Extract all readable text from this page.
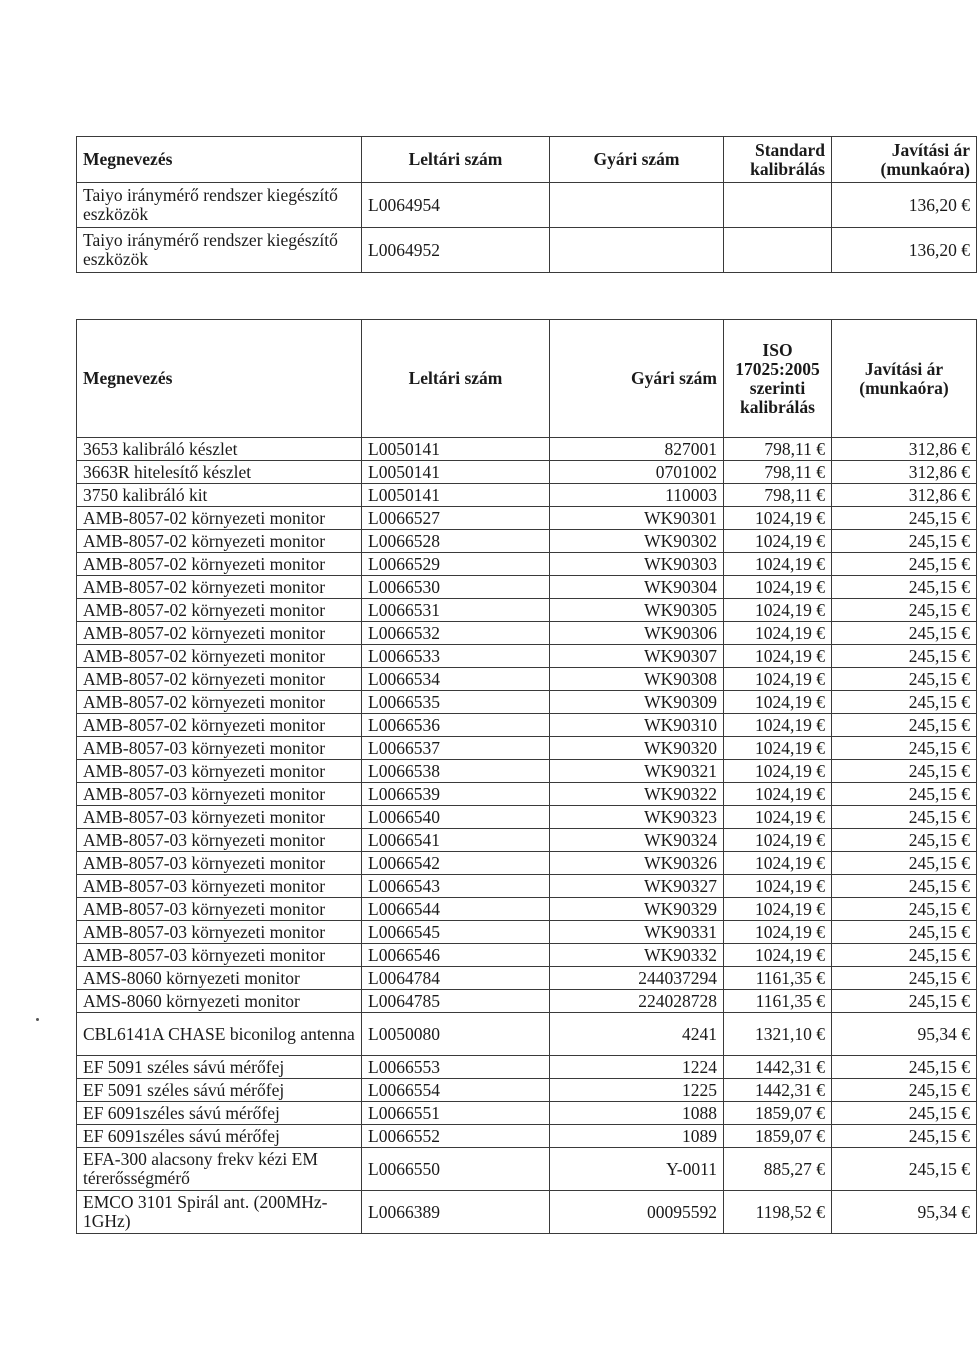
Megnevezés	Leltári szám	Gyári szám	Standard kalibrálás	Javítási ár (munkaóra)
Taiyo iránymérő rendszer kiegészítő eszközök	L0064954			136,20 €
Taiyo iránymérő rendszer kiegészítő eszközök	L0064952			136,20 €
Megnevezés	Leltári szám	Gyári szám	ISO 17025:2005 szerinti kalibrálás	Javítási ár (munkaóra)
3653 kalibráló készlet	L0050141	827001	798,11 €	312,86 €
3663R hitelesítő készlet	L0050141	0701002	798,11 €	312,86 €
3750 kalibráló kit	L0050141	110003	798,11 €	312,86 €
AMB-8057-02 környezeti monitor	L0066527	WK90301	1024,19 €	245,15 €
AMB-8057-02 környezeti monitor	L0066528	WK90302	1024,19 €	245,15 €
AMB-8057-02 környezeti monitor	L0066529	WK90303	1024,19 €	245,15 €
AMB-8057-02 környezeti monitor	L0066530	WK90304	1024,19 €	245,15 €
AMB-8057-02 környezeti monitor	L0066531	WK90305	1024,19 €	245,15 €
AMB-8057-02 környezeti monitor	L0066532	WK90306	1024,19 €	245,15 €
AMB-8057-02 környezeti monitor	L0066533	WK90307	1024,19 €	245,15 €
AMB-8057-02 környezeti monitor	L0066534	WK90308	1024,19 €	245,15 €
AMB-8057-02 környezeti monitor	L0066535	WK90309	1024,19 €	245,15 €
AMB-8057-02 környezeti monitor	L0066536	WK90310	1024,19 €	245,15 €
AMB-8057-03 környezeti monitor	L0066537	WK90320	1024,19 €	245,15 €
AMB-8057-03 környezeti monitor	L0066538	WK90321	1024,19 €	245,15 €
AMB-8057-03 környezeti monitor	L0066539	WK90322	1024,19 €	245,15 €
AMB-8057-03 környezeti monitor	L0066540	WK90323	1024,19 €	245,15 €
AMB-8057-03 környezeti monitor	L0066541	WK90324	1024,19 €	245,15 €
AMB-8057-03 környezeti monitor	L0066542	WK90326	1024,19 €	245,15 €
AMB-8057-03 környezeti monitor	L0066543	WK90327	1024,19 €	245,15 €
AMB-8057-03 környezeti monitor	L0066544	WK90329	1024,19 €	245,15 €
AMB-8057-03 környezeti monitor	L0066545	WK90331	1024,19 €	245,15 €
AMB-8057-03 környezeti monitor	L0066546	WK90332	1024,19 €	245,15 €
AMS-8060 környezeti monitor	L0064784	244037294	1161,35 €	245,15 €
AMS-8060 környezeti monitor	L0064785	224028728	1161,35 €	245,15 €
CBL6141A CHASE biconilog antenna	L0050080	4241	1321,10 €	95,34 €
EF 5091 széles sávú mérőfej	L0066553	1224	1442,31 €	245,15 €
EF 5091 széles sávú mérőfej	L0066554	1225	1442,31 €	245,15 €
EF 6091széles sávú mérőfej	L0066551	1088	1859,07 €	245,15 €
EF 6091széles sávú mérőfej	L0066552	1089	1859,07 €	245,15 €
EFA-300 alacsony frekv kézi EM térerősségmérő	L0066550	Y-0011	885,27 €	245,15 €
EMCO 3101 Spirál ant. (200MHz-1GHz)	L0066389	00095592	1198,52 €	95,34 €
